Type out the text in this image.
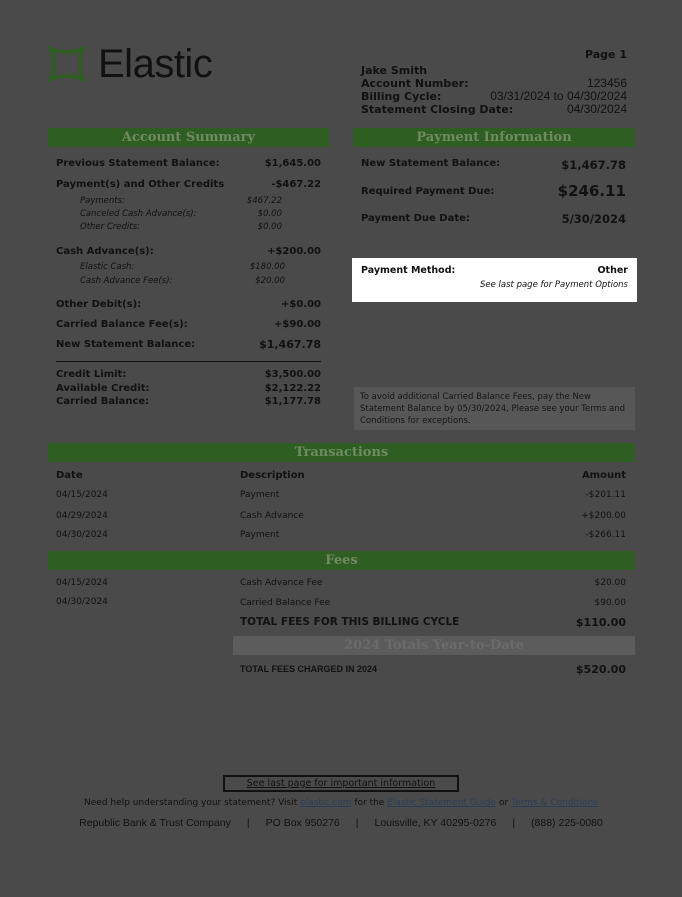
Elastic	Page 1
Jake Smith
Account Number:	123456
Billing Cycle:	03/31/2024 to 04/30/2024
Statement Closing Date:	04/30/2024
Account Summary
Previous Statement Balance:	$1,645.00
Payment(s) and Other Credits	-$467.22
Payments:	$467.22
Canceled Cash Advance(s):	$0.00
Other Credits:	$0.00
Cash Advance(s):	+$200.00
Elastic Cash:	$180.00
Cash Advance Fee(s):	$20.00
Other Debit(s):	+$0.00
Carried Balance Fee(s):	+$90.00
New Statement Balance:	$1,467.78
Credit Limit:	$3,500.00
Available Credit:	$2,122.22
Carried Balance:	$1,177.78
Payment Information
New Statement Balance:	$1,467.78
Required Payment Due:	$246.11
Payment Due Date:	5/30/2024
Payment Method:	Other
See last page for Payment Options
To avoid additional Carried Balance Fees, pay the New Statement Balance by 05/30/2024, Please see your Terms and Conditions for exceptions.
Transactions
Date	Description	Amount
04/15/2024	Payment	-$201.11
04/29/2024	Cash Advance	+$200.00
04/30/2024	Payment	-$266.11
Fees
04/15/2024	Cash Advance Fee	$20.00
04/30/2024	Carried Balance Fee	$90.00
TOTAL FEES FOR THIS BILLING CYCLE	$110.00
2024 Totals Year-to-Date
TOTAL FEES CHARGED IN 2024	$520.00
See last page for important information
Need help understanding your statement? Visit elastic.com for the Elastic Statement Guide or Terms & Conditions
Republic Bank & Trust Company | PO Box 950276 | Louisville, KY 40295-0276 | (888) 225-0080
